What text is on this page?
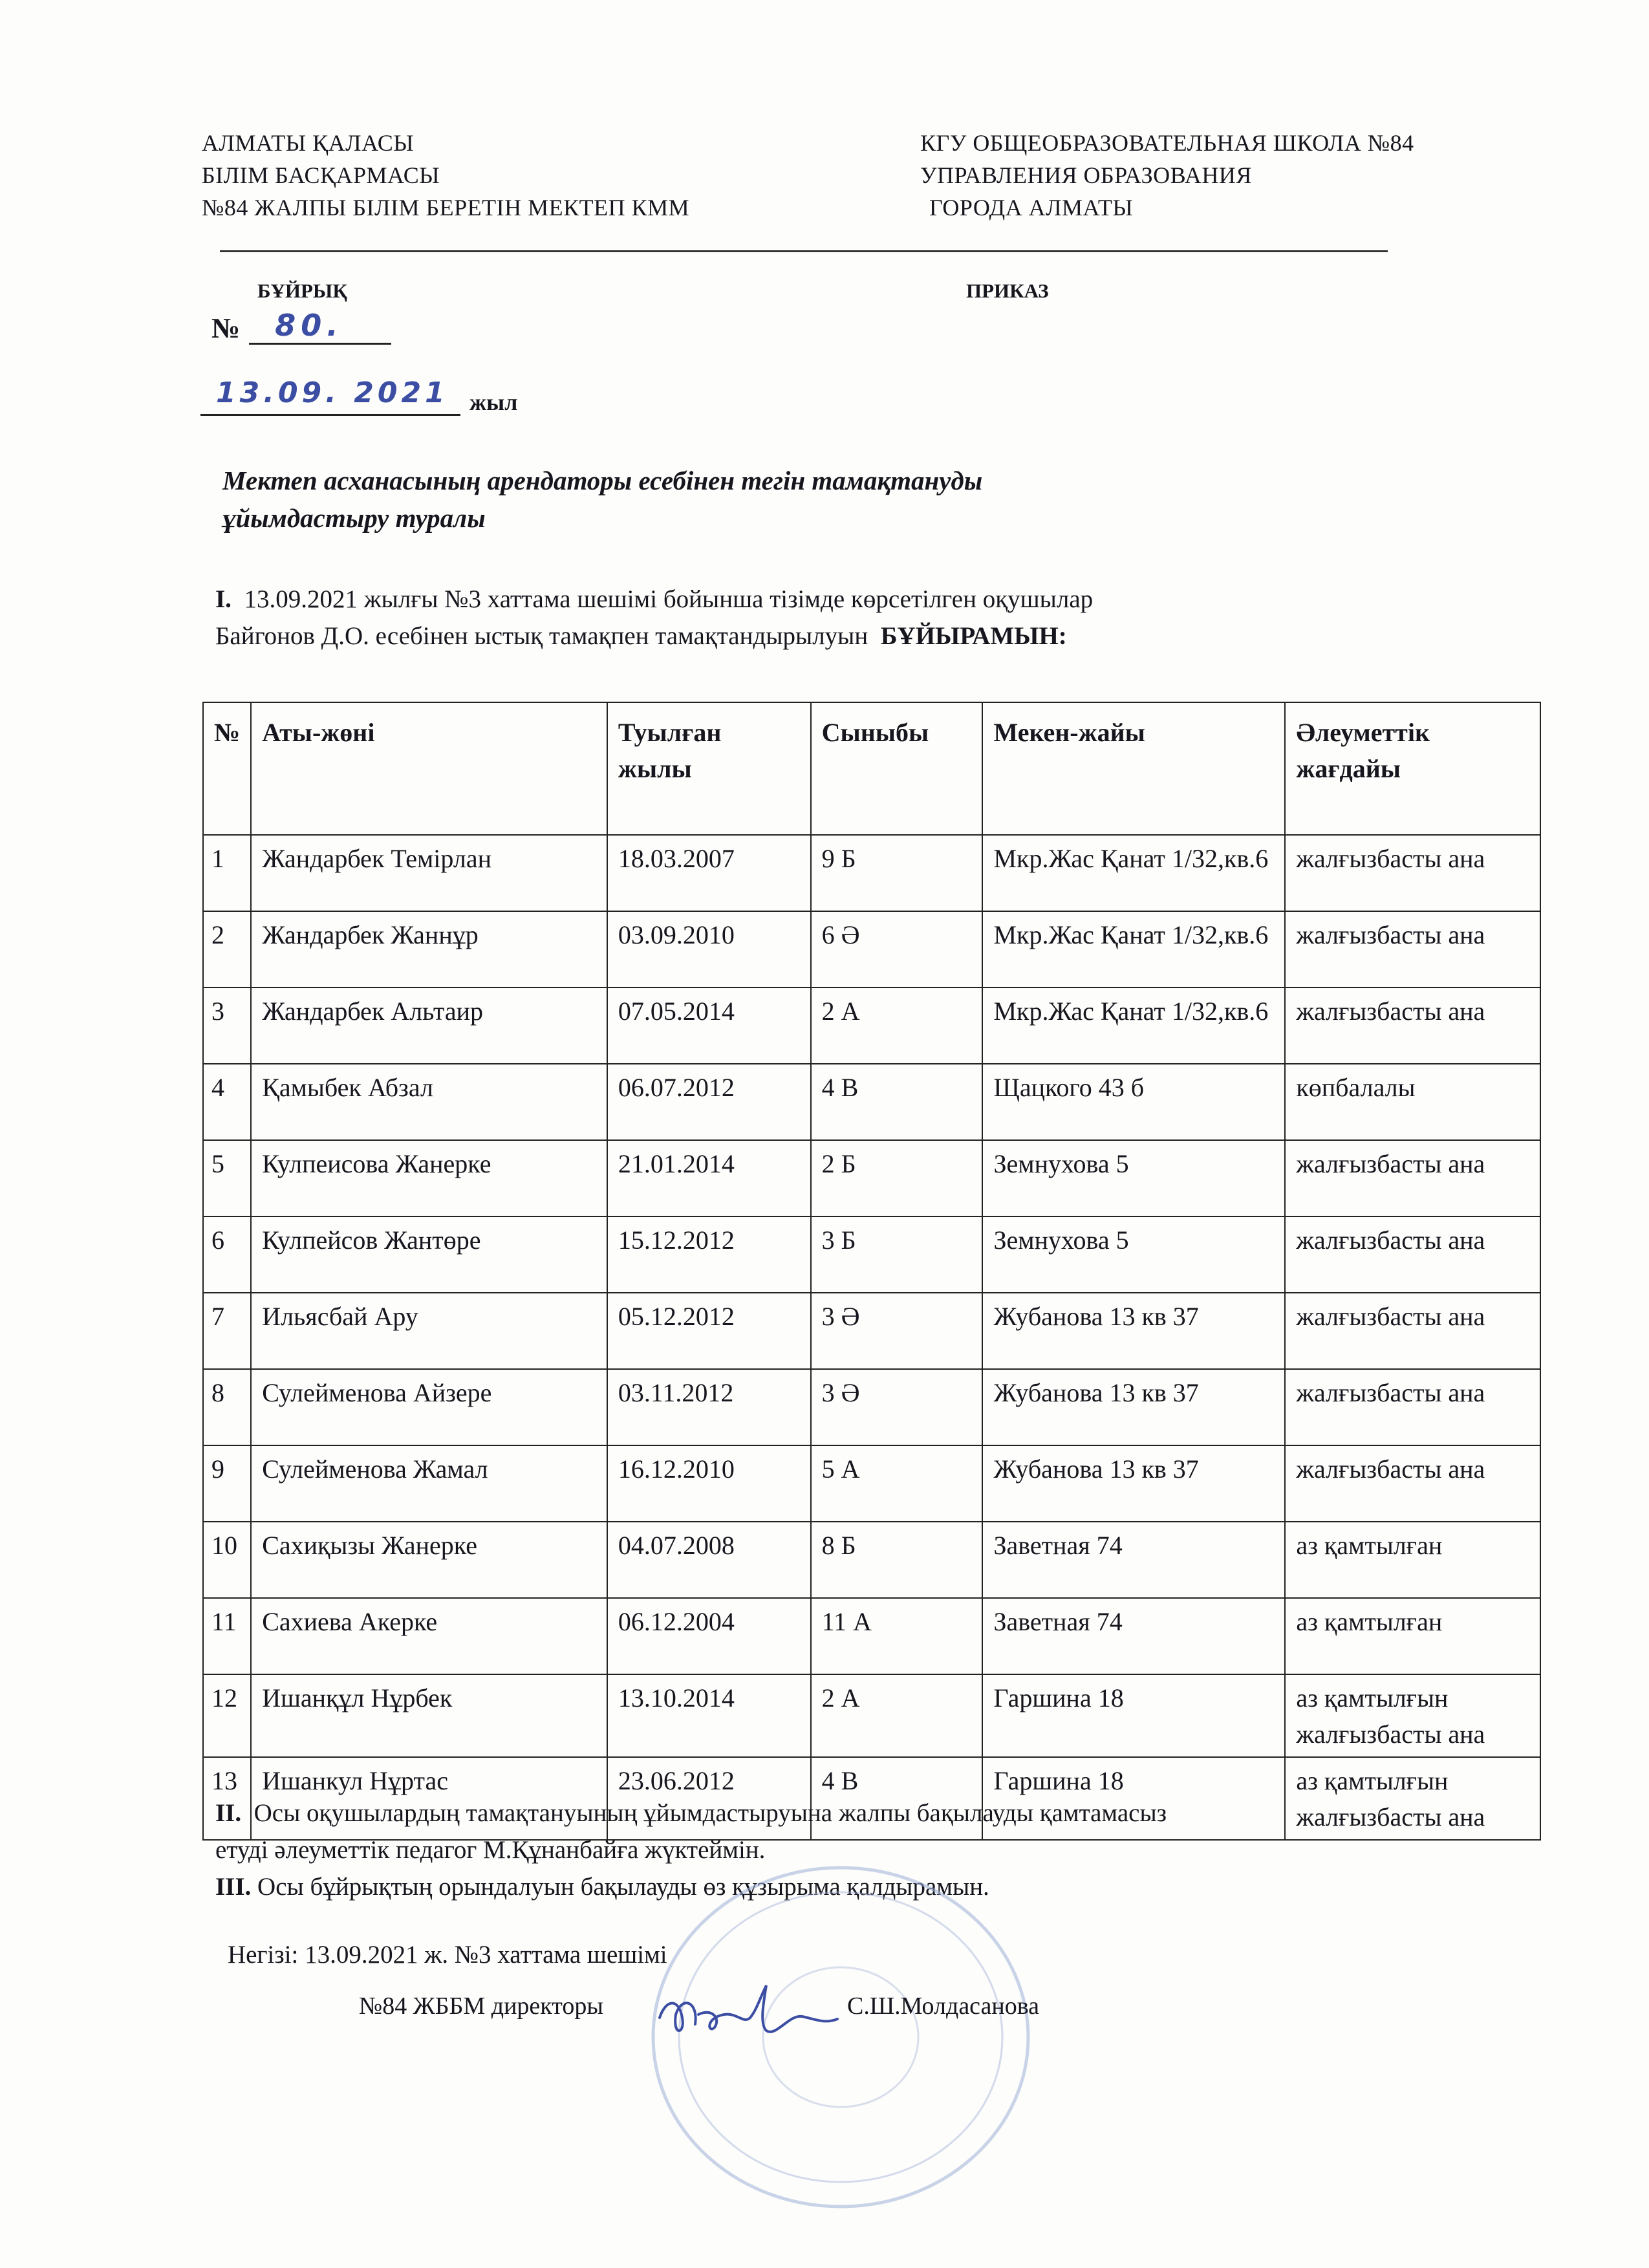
АЛМАТЫ ҚАЛАСЫ
БІЛІМ БАСҚАРМАСЫ
№84 ЖАЛПЫ БІЛІМ БЕРЕТІН МЕКТЕП КММ
КГУ ОБЩЕОБРАЗОВАТЕЛЬНАЯ ШКОЛА №84
УПРАВЛЕНИЯ ОБРАЗОВАНИЯ
ГОРОДА АЛМАТЫ
БҰЙРЫҚ	ПРИКАЗ
№ 80.
13.09. 2021 жыл
Мектеп асханасының арендаторы есебінен тегін тамақтануды
ұйымдастыру туралы
І. 13.09.2021 жылғы №3 хаттама шешімі бойынша тізімде көрсетілген оқушылар
Байгонов Д.О. есебінен ыстық тамақпен тамақтандырылуын БҰЙЫРАМЫН:
№	Аты-жөні	Туылған жылы	Сыныбы	Мекен-жайы	Әлеуметтік жағдайы
1	Жандарбек Темірлан	18.03.2007	9 Б	Мкр.Жас Қанат 1/32,кв.6	жалғызбасты ана
2	Жандарбек Жаннұр	03.09.2010	6 Ә	Мкр.Жас Қанат 1/32,кв.6	жалғызбасты ана
3	Жандарбек Альтаир	07.05.2014	2 А	Мкр.Жас Қанат 1/32,кв.6	жалғызбасты ана
4	Қамыбек Абзал	06.07.2012	4 В	Щацкого 43 б	көпбалалы
5	Кулпеисова Жанерке	21.01.2014	2 Б	Земнухова 5	жалғызбасты ана
6	Кулпейсов Жантөре	15.12.2012	3 Б	Земнухова 5	жалғызбасты ана
7	Ильясбай Ару	05.12.2012	3 Ә	Жубанова 13 кв 37	жалғызбасты ана
8	Сулейменова Айзере	03.11.2012	3 Ә	Жубанова 13 кв 37	жалғызбасты ана
9	Сулейменова Жамал	16.12.2010	5 А	Жубанова 13 кв 37	жалғызбасты ана
10	Сахиқызы Жанерке	04.07.2008	8 Б	Заветная 74	аз қамтылған
11	Сахиева Акерке	06.12.2004	11 А	Заветная 74	аз қамтылған
12	Ишанқұл Нұрбек	13.10.2014	2 А	Гаршина 18	аз қамтылғын жалғызбасты ана
13	Ишанкул Нұртас	23.06.2012	4 В	Гаршина 18	аз қамтылғын жалғызбасты ана
ІІ. Осы оқушылардың тамақтануының ұйымдастыруына жалпы бақылауды қамтамасыз
етуді әлеуметтік педагог М.Құнанбайға жүктеймін.
ІІІ. Осы бұйрықтың орындалуын бақылауды өз құзырыма қалдырамын.
Негізі: 13.09.2021 ж. №3 хаттама шешімі
№84 ЖББМ директоры	С.Ш.Молдасанова
